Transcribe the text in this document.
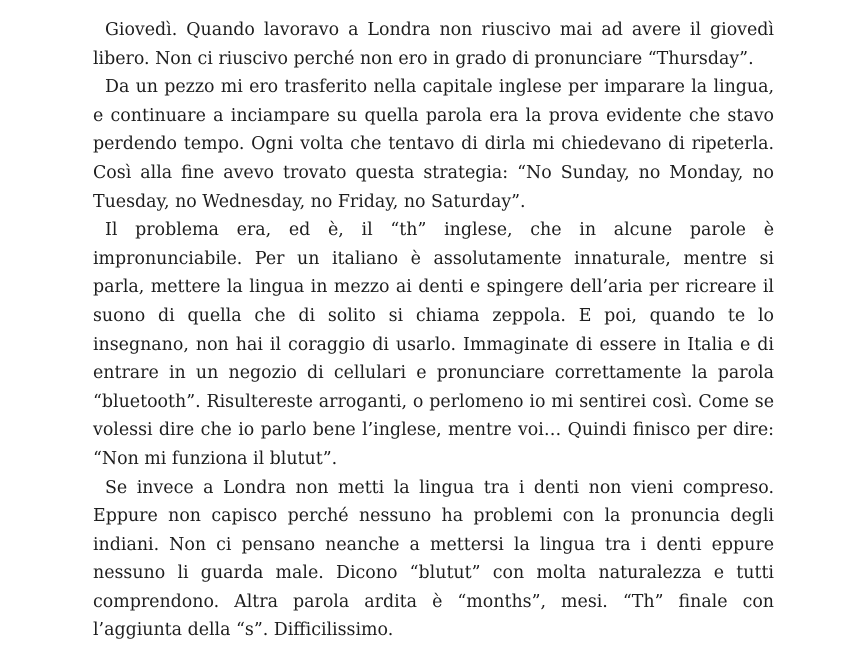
Giovedì. Quando lavoravo a Londra non riuscivo mai ad avere il giovedì libero. Non ci riuscivo perché non ero in grado di pronunciare “Thursday”.

Da un pezzo mi ero trasferito nella capitale inglese per imparare la lingua, e continuare a inciampare su quella parola era la prova evidente che stavo perdendo tempo. Ogni volta che tentavo di dirla mi chiedevano di ripeterla. Così alla fine avevo trovato questa strategia: “No Sunday, no Monday, no Tuesday, no Wednesday, no Friday, no Saturday”.

Il problema era, ed è, il “th” inglese, che in alcune parole è impronunciabile. Per un italiano è assolutamente innaturale, mentre si parla, mettere la lingua in mezzo ai denti e spingere dell’aria per ricreare il suono di quella che di solito si chiama zeppola. E poi, quando te lo insegnano, non hai il coraggio di usarlo. Immaginate di essere in Italia e di entrare in un negozio di cellulari e pronunciare correttamente la parola “bluetooth”. Risultereste arroganti, o perlomeno io mi sentirei così. Come se volessi dire che io parlo bene l’inglese, mentre voi… Quindi finisco per dire: “Non mi funziona il blutut”.

Se invece a Londra non metti la lingua tra i denti non vieni compreso. Eppure non capisco perché nessuno ha problemi con la pronuncia degli indiani. Non ci pensano neanche a mettersi la lingua tra i denti eppure nessuno li guarda male. Dicono “blutut” con molta naturalezza e tutti comprendono. Altra parola ardita è “months”, mesi. “Th” finale con l’aggiunta della “s”. Difficilissimo.
